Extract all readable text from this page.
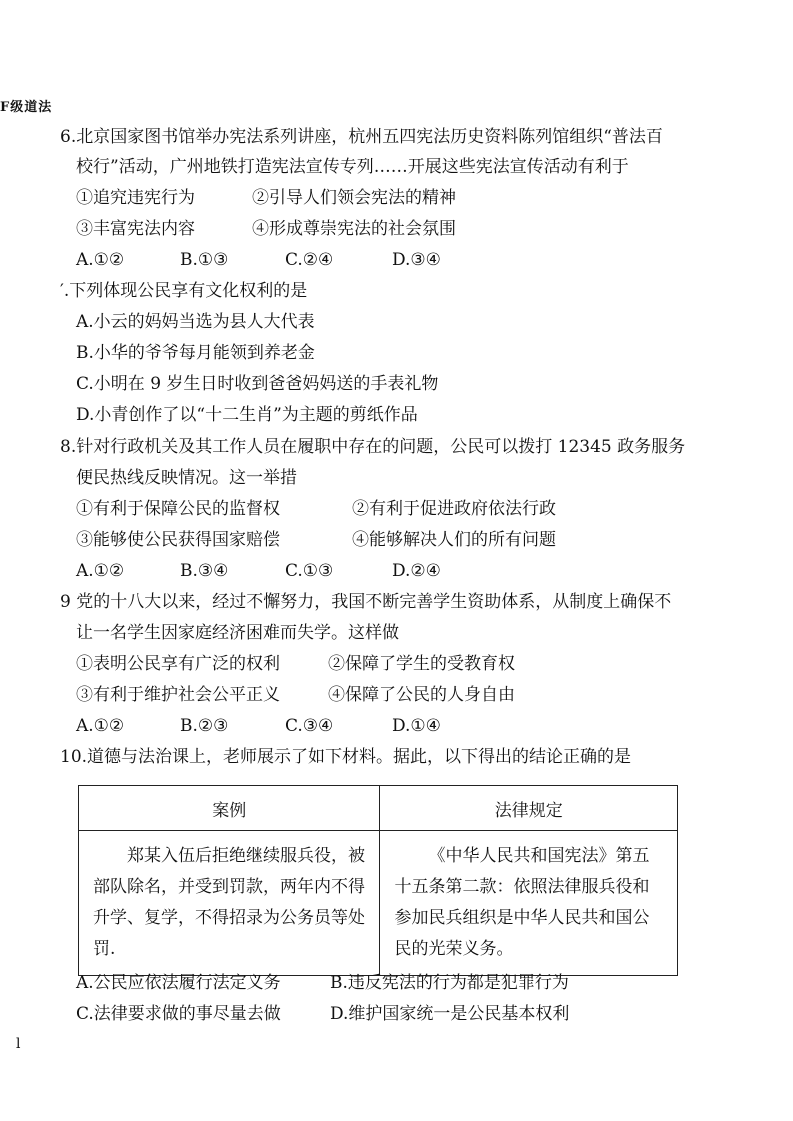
F级道法
6.北京国家图书馆举办宪法系列讲座，杭州五四宪法历史资料陈列馆组织“普法百
校行”活动，广州地铁打造宪法宣传专列……开展这些宪法宣传活动有利于
①追究违宪行为	②引导人们领会宪法的精神
③丰富宪法内容	④形成尊崇宪法的社会氛围
A.①②	B.①③	C.②④	D.③④
′.下列体现公民享有文化权利的是
A.小云的妈妈当选为县人大代表
B.小华的爷爷每月能领到养老金
C.小明在 9 岁生日时收到爸爸妈妈送的手表礼物
D.小青创作了以“十二生肖”为主题的剪纸作品
8.针对行政机关及其工作人员在履职中存在的问题，公民可以拨打 12345 政务服务
便民热线反映情况。这一举措
①有利于保障公民的监督权	②有利于促进政府依法行政
③能够使公民获得国家赔偿	④能够解决人们的所有问题
A.①②	B.③④	C.①③	D.②④
9 党的十八大以来，经过不懈努力，我国不断完善学生资助体系，从制度上确保不
让一名学生因家庭经济困难而失学。这样做
①表明公民享有广泛的权利	②保障了学生的受教育权
③有利于维护社会公平正义	④保障了公民的人身自由
A.①②	B.②③	C.③④	D.①④
10.道德与法治课上，老师展示了如下材料。据此，以下得出的结论正确的是
案例	法律规定

郑某入伍后拒绝继续服兵役，被部队除名，并受到罚款，两年内不得升学、复学，不得招录为公务员等处罚.	《中华人民共和国宪法》第五十五条第二款：依照法律服兵役和参加民兵组织是中华人民共和国公民的光荣义务。

A.公民应依法履行法定义务	B.违反宪法的行为都是犯罪行为
C.法律要求做的事尽量去做	D.维护国家统一是公民基本权利
l
